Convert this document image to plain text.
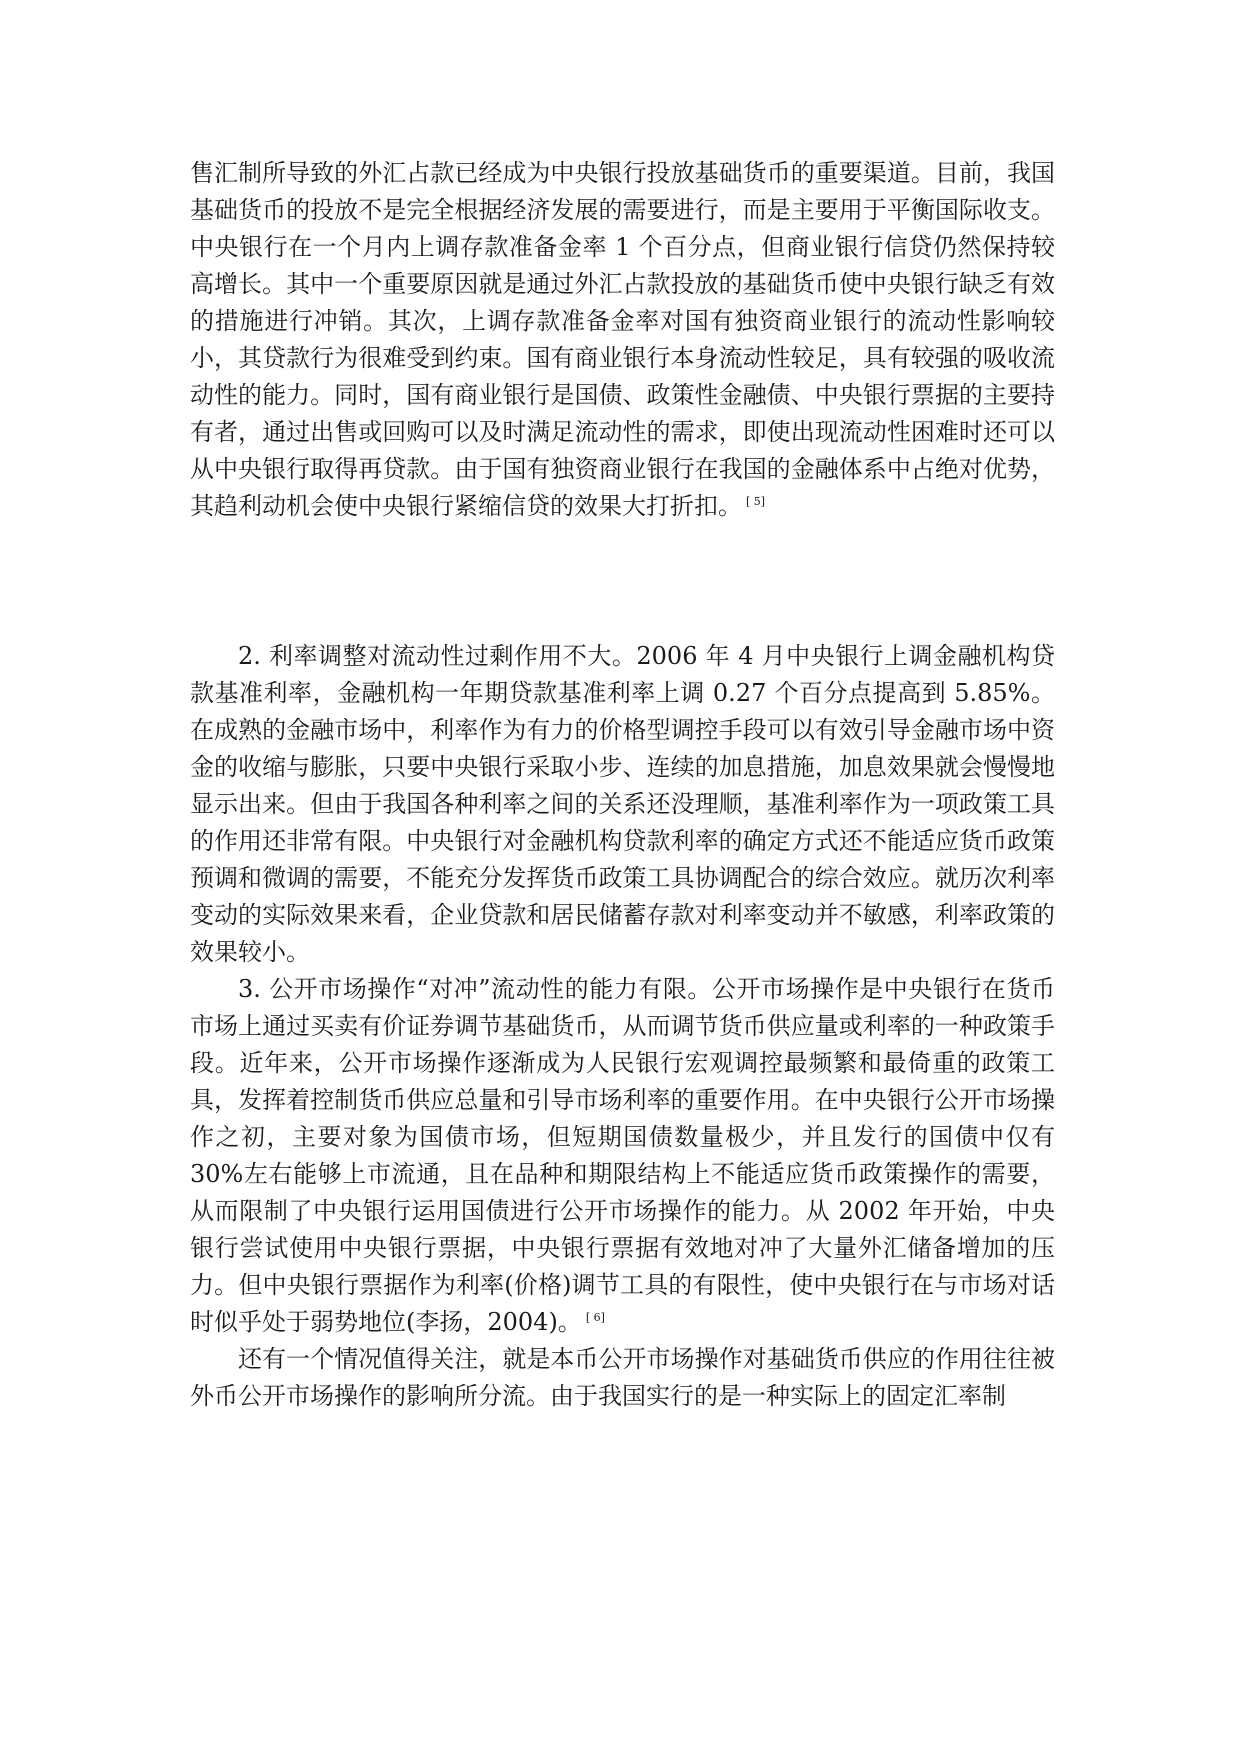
售汇制所导致的外汇占款已经成为中央银行投放基础货币的重要渠道。目前，我国基础货币的投放不是完全根据经济发展的需要进行，而是主要用于平衡国际收支。中央银行在一个月内上调存款准备金率 1 个百分点，但商业银行信贷仍然保持较高增长。其中一个重要原因就是通过外汇占款投放的基础货币使中央银行缺乏有效的措施进行冲销。其次，上调存款准备金率对国有独资商业银行的流动性影响较小，其贷款行为很难受到约束。国有商业银行本身流动性较足，具有较强的吸收流动性的能力。同时，国有商业银行是国债、政策性金融债、中央银行票据的主要持有者，通过出售或回购可以及时满足流动性的需求，即使出现流动性困难时还可以从中央银行取得再贷款。由于国有独资商业银行在我国的金融体系中占绝对优势，其趋利动机会使中央银行紧缩信贷的效果大打折扣。 [ 5]

2. 利率调整对流动性过剩作用不大。2006 年 4 月中央银行上调金融机构贷款基准利率，金融机构一年期贷款基准利率上调 0.27 个百分点提高到 5.85%。在成熟的金融市场中，利率作为有力的价格型调控手段可以有效引导金融市场中资金的收缩与膨胀，只要中央银行采取小步、连续的加息措施，加息效果就会慢慢地显示出来。但由于我国各种利率之间的关系还没理顺，基准利率作为一项政策工具的作用还非常有限。中央银行对金融机构贷款利率的确定方式还不能适应货币政策预调和微调的需要，不能充分发挥货币政策工具协调配合的综合效应。就历次利率变动的实际效果来看，企业贷款和居民储蓄存款对利率变动并不敏感，利率政策的效果较小。

3. 公开市场操作“对冲”流动性的能力有限。公开市场操作是中央银行在货币市场上通过买卖有价证券调节基础货币，从而调节货币供应量或利率的一种政策手段。近年来，公开市场操作逐渐成为人民银行宏观调控最频繁和最倚重的政策工具，发挥着控制货币供应总量和引导市场利率的重要作用。在中央银行公开市场操作之初，主要对象为国债市场，但短期国债数量极少，并且发行的国债中仅有 30%左右能够上市流通，且在品种和期限结构上不能适应货币政策操作的需要，从而限制了中央银行运用国债进行公开市场操作的能力。从 2002 年开始，中央银行尝试使用中央银行票据，中央银行票据有效地对冲了大量外汇储备增加的压力。但中央银行票据作为利率(价格)调节工具的有限性，使中央银行在与市场对话时似乎处于弱势地位(李扬，2004)。 [ 6]

还有一个情况值得关注，就是本币公开市场操作对基础货币供应的作用往往被外币公开市场操作的影响所分流。由于我国实行的是一种实际上的固定汇率制
